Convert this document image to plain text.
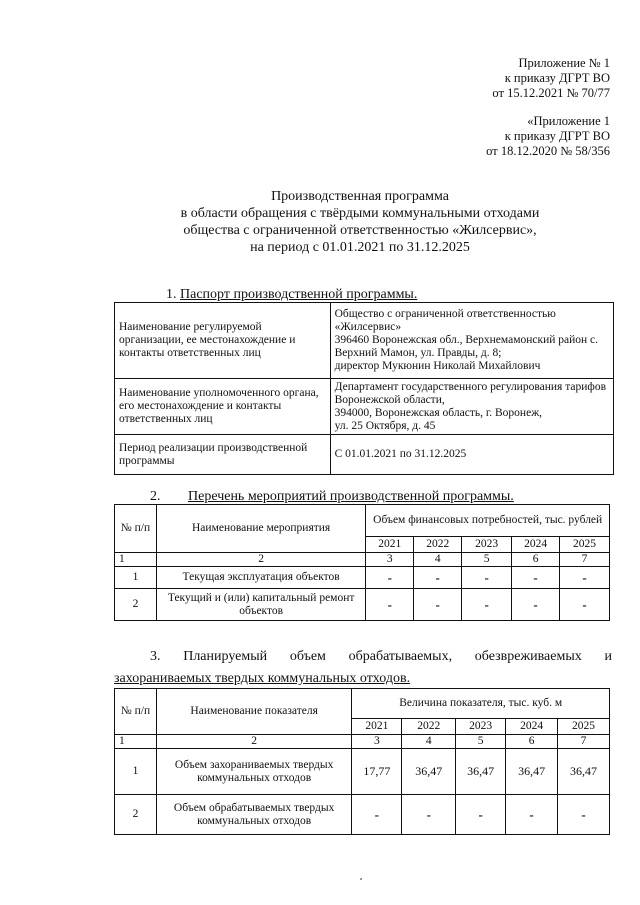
Приложение № 1
к приказу ДГРТ ВО
от 15.12.2021 № 70/77
«Приложение 1
к приказу ДГРТ ВО
от 18.12.2020 № 58/356
Производственная программа
в области обращения с твёрдыми коммунальными отходами
общества с ограниченной ответственностью «Жилсервис»,
на период с 01.01.2021 по 31.12.2025
1. Паспорт производственной программы.
Наименование регулируемой организации, ее местонахождение и контакты ответственных лиц	Общество с ограниченной ответственностью «Жилсервис»
396460 Воронежская обл., Верхнемамонский район с. Верхний Мамон, ул. Правды, д. 8;
директор Мукюнин Николай Михайлович

Наименование уполномоченного органа, его местонахождение и контакты ответственных лиц	Департамент государственного регулирования тарифов Воронежской области,
394000, Воронежская область, г. Воронеж,
ул. 25 Октября, д. 45

Период реализации производственной программы	С 01.01.2021 по 31.12.2025
2. Перечень мероприятий производственной программы.
№ п/п	Наименование мероприятия	Объем финансовых потребностей, тыс. рублей				
		2021	2022	2023	2024	2025
1	2	3	4	5	6	7
1	Текущая эксплуатация объектов	-	-	-	-	-
2	Текущий и (или) капитальный ремонт объектов	-	-	-	-	-
3. Планируемый объем обрабатываемых, обезвреживаемых и
захораниваемых твердых коммунальных отходов.
№ п/п	Наименование показателя	Величина показателя, тыс. куб. м				
		2021	2022	2023	2024	2025
1	2	3	4	5	6	7
1	Объем захораниваемых твердых коммунальных отходов	17,77	36,47	36,47	36,47	36,47
2	Объем обрабатываемых твердых коммунальных отходов	-	-	-	-	-
